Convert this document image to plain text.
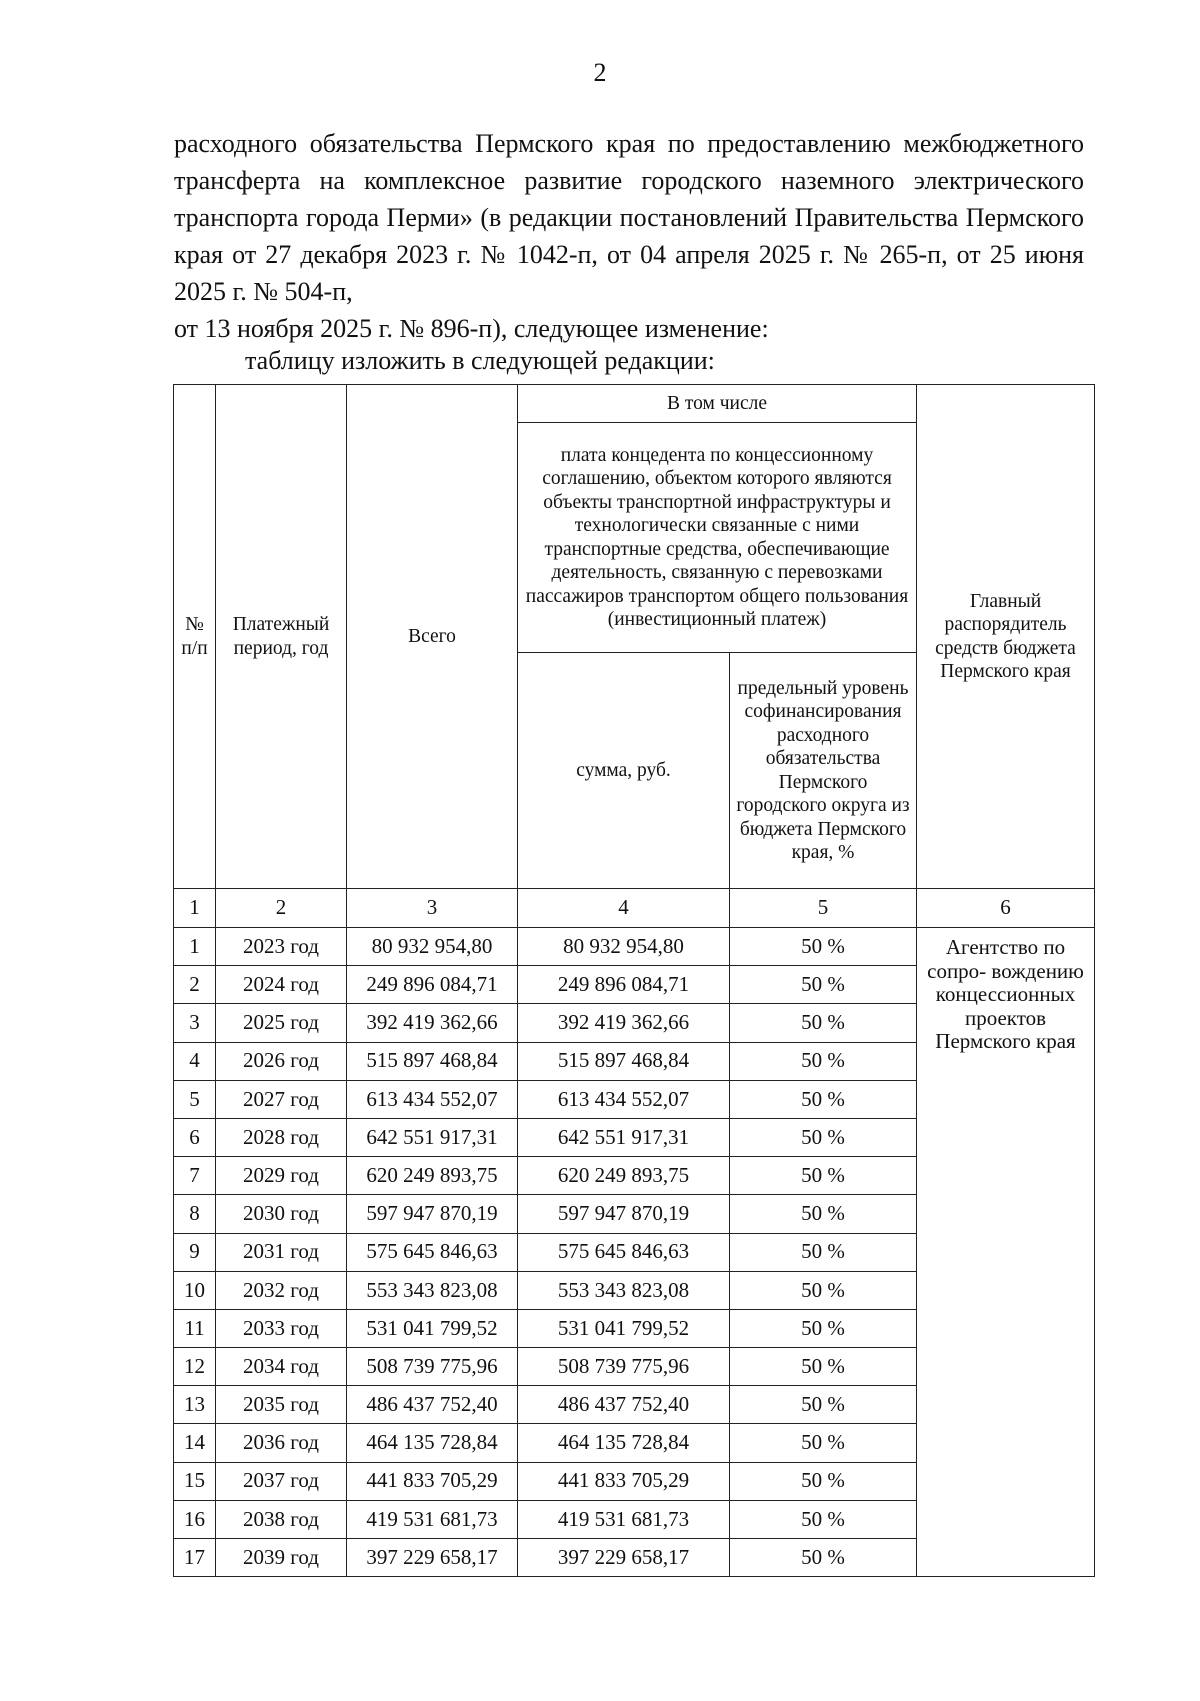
2

расходного обязательства Пермского края по предоставлению межбюджетного трансферта на комплексное развитие городского наземного электрического транспорта города Перми» (в редакции постановлений Правительства Пермского края от 27 декабря 2023 г. № 1042-п, от 04 апреля 2025 г. № 265-п, от 25 июня 2025 г. № 504-п,

от 13 ноября 2025 г. № 896-п), следующее изменение:

таблицу изложить в следующей редакции:
№ п/п	Платежный период, год	Всего	В том числе		Главный распорядитель средств бюджета Пермского края
			плата концедента по концессионному соглашению, объектом которого являются объекты транспортной инфраструктуры и технологически связанные с ними транспортные средства, обеспечивающие деятельность, связанную с перевозками пассажиров транспортом общего пользования (инвестиционный платеж)		
			сумма, руб.	предельный уровень софинансирования расходного обязательства Пермского городского округа из бюджета Пермского края, %	
1	2	3	4	5	6
1	2023 год	80 932 954,80	80 932 954,80	50 %	Агентство по сопро- вождению концессионных проектов Пермского края
2	2024 год	249 896 084,71	249 896 084,71	50 %	
3	2025 год	392 419 362,66	392 419 362,66	50 %	
4	2026 год	515 897 468,84	515 897 468,84	50 %	
5	2027 год	613 434 552,07	613 434 552,07	50 %	
6	2028 год	642 551 917,31	642 551 917,31	50 %	
7	2029 год	620 249 893,75	620 249 893,75	50 %	
8	2030 год	597 947 870,19	597 947 870,19	50 %	
9	2031 год	575 645 846,63	575 645 846,63	50 %	
10	2032 год	553 343 823,08	553 343 823,08	50 %	
11	2033 год	531 041 799,52	531 041 799,52	50 %	
12	2034 год	508 739 775,96	508 739 775,96	50 %	
13	2035 год	486 437 752,40	486 437 752,40	50 %	
14	2036 год	464 135 728,84	464 135 728,84	50 %	
15	2037 год	441 833 705,29	441 833 705,29	50 %	
16	2038 год	419 531 681,73	419 531 681,73	50 %	
17	2039 год	397 229 658,17	397 229 658,17	50 %	
